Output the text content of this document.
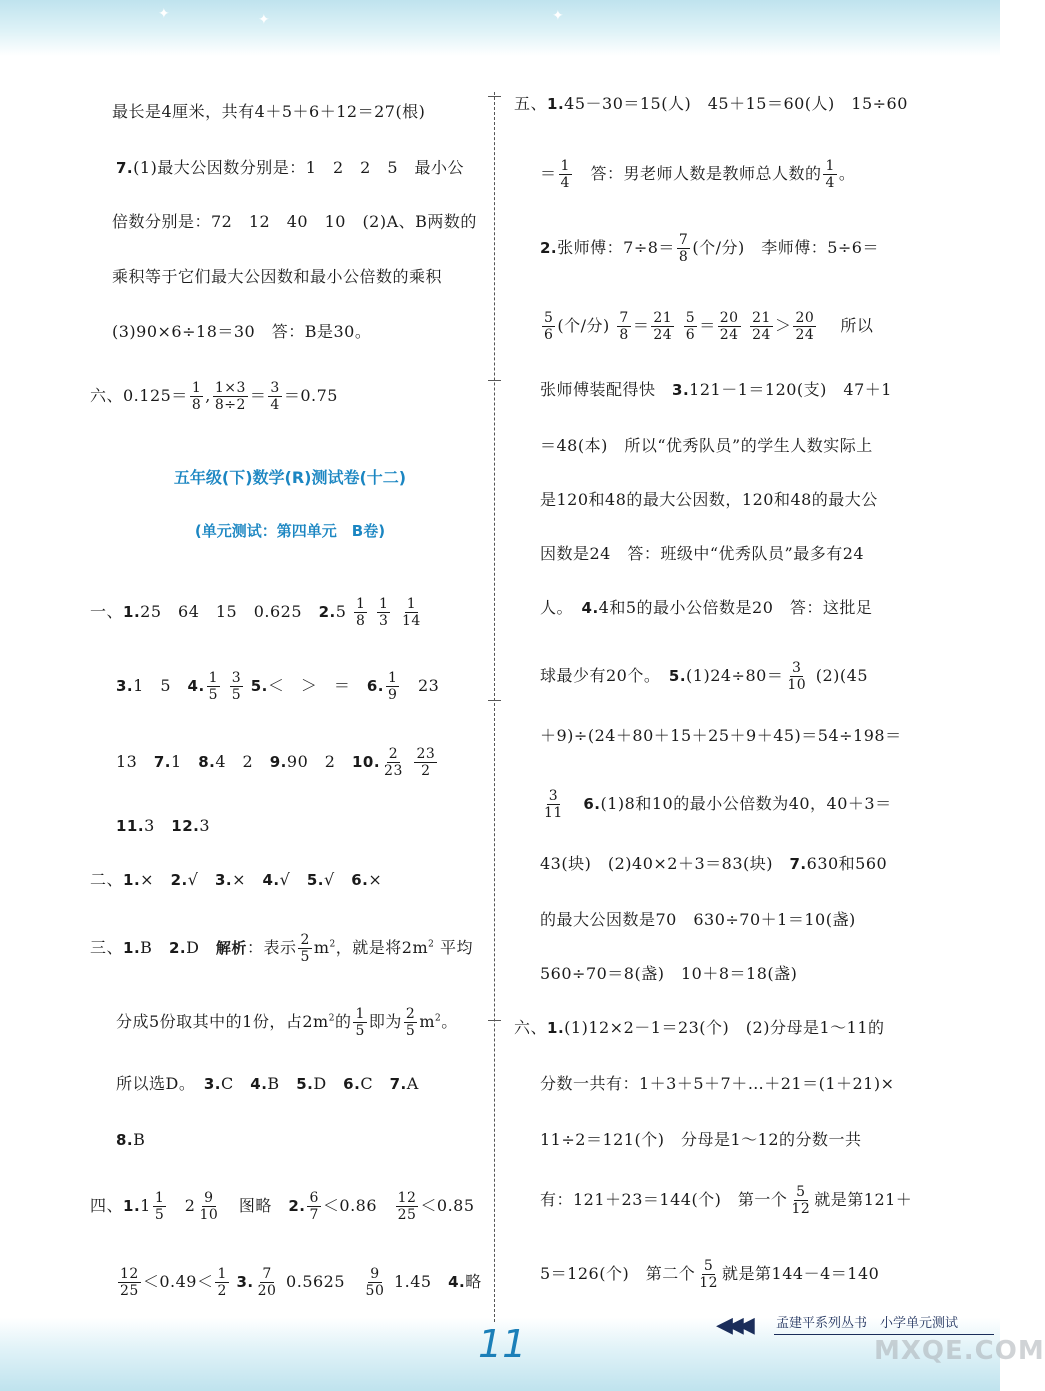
✦	✦	✦
最长是4厘米，共有4＋5＋6＋12＝27(根)
7.(1)最大公因数分别是：1　2　2　5　最小公
倍数分别是：72　12　40　10　(2)A、B两数的
乘积等于它们最大公因数和最小公倍数的乘积
(3)90×6÷18＝30　答：B是30。
六、$0.125= \frac{1}{8}$ , $\frac{1\times 3}{8\div 2} = \frac{3}{4} =0.75$
五年级(下)数学(R)测试卷(十二)
(单元测试：第四单元　B卷)
一、1.25　64　15　0.625　 $2.5 \frac{1}{8}$
$\frac{1}{3}$
$\frac{1}{14}$
3.1　5　 4. $\frac{1}{5}$
$\frac{3}{5} 5.<$　＞　＝　 6. $\frac{1}{9}$
　 23
13　 7.1　 8.4　2　 9.90　2　 10. $\frac{2}{23}$
$\frac{23}{2}$
11.3　 12.3
二、1.×　 2.√　 3.×　 4.√　 5.√　 6.×
三、1.B　 2.D　 解析：表示 $\frac{2}{5} m^2$，就是将$2m^2$ 平均
分成5份取其中的1份，占$2m^2$的 $\frac{1}{5}$ 即为 $\frac{2}{5} m^2$。
所以选D。　 3.C　 4.B　 5.D　 6.C　 7.A
8.B
四、$1.1 \frac{1}{5}$
　 $2 \frac{9}{10}$
　 图略　 2. $\frac{6}{7} <0.86$　 $\frac{12}{25} <0.85$
$\frac{12}{25} <0.49< \frac{1}{2} 3$. $\frac{7}{20} 0.5625$　 $\frac{9}{50} 1.45$　 4.略
五、1.45－30＝15(人)　45＋15＝60(人)　15÷60
＝ $\frac{1}{4}$ 　答：男老师人数是教师总人数的 $\frac{1}{4}$ 。
2.张师傅：$7\div 8= \frac{7}{8}$ (个/分)　李师傅：5÷6＝
$\frac{5}{6}$ (个/分) $\frac{7}{8} = \frac{21}{24}$
$\frac{5}{6} = \frac{20}{24}$
$\frac{21}{24} > \frac{20}{24}$
　 所以
张师傅装配得快　 3.121－1＝120(支)　47＋1
＝48(本)　所以“优秀队员”的学生人数实际上
是120和48的最大公因数，120和48的最大公
因数是24　答：班级中“优秀队员”最多有24
人。　 4.4和5的最小公倍数是20　答：这批足
球最少有20个。　 $5.(1)24\div 80= \frac{3}{10} (2)(45$
＋9)÷(24＋80＋15＋25＋9＋45)＝54÷198＝
$\frac{3}{11}$
　 6.(1)8和10的最小公倍数为40，40＋3＝
43(块)　(2)40×2＋3＝83(块)　 7.630和560
的最大公因数是70　630÷70＋1＝10(盏)
560÷70＝8(盏)　10＋8＝18(盏)
六、1.(1)12×2－1＝23(个)　(2)分母是1～11的
分数一共有：1＋3＋5＋7＋…＋21＝(1＋21)×
11÷2＝121(个)　分母是1～12的分数一共
有：121＋23＝144(个)　第一个 $\frac{5}{12}$ 就是第121＋
5＝126(个)　第二个 $\frac{5}{12}$ 就是第144－4＝140
11	◀◀◀ 孟建平系列丛书　小学单元测试
MXQE.COM
